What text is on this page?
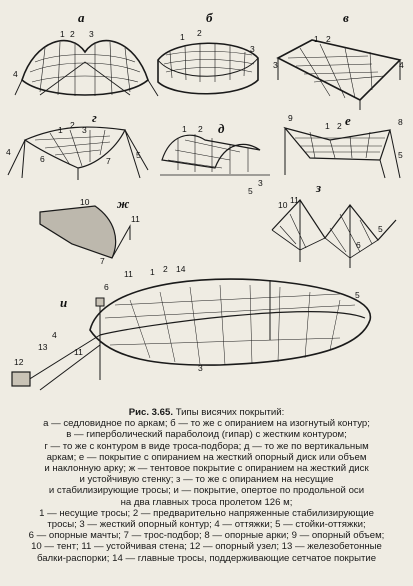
а	б	в
г
д
е
ж
з
и
1 2 3
4
1 2
3
1 2
3	4
1 2 3
4	5
6	7
1 2
3
5
9
1 2	8
5
10
11
7
10 11
5
6
11 1 2 14
6
4
13	11
12
3
5

Рис. 3.65. Типы висячих покрытий:

а — седловидное по аркам; б — то же с опиранием на изогнутый контур;

в — гиперболический параболоид (гипар) с жестким контуром;

г — то же с контуром в виде троса-подбора; д — то же по вертикальным

аркам; е — покрытие с опиранием на жесткий опорный диск или объем

и наклонную арку; ж — тентовое покрытие с опиранием на жесткий диск

и устойчивую стенку; з — то же с опиранием на несущие

и стабилизирующие тросы; и — покрытие, опертое по продольной оси

на два главных троса пролетом 126 м;

1 — несущие тросы; 2 — предварительно напряженные стабилизирующие

тросы; 3 — жесткий опорный контур; 4 — оттяжки; 5 — стойки-оттяжки;

6 — опорные мачты; 7 — трос-подбор; 8 — опорные арки; 9 — опорный объем;

10 — тент; 11 — устойчивая стена; 12 — опорный узел; 13 — железобетонные

балки-распорки; 14 — главные тросы, поддерживающие сетчатое покрытие
